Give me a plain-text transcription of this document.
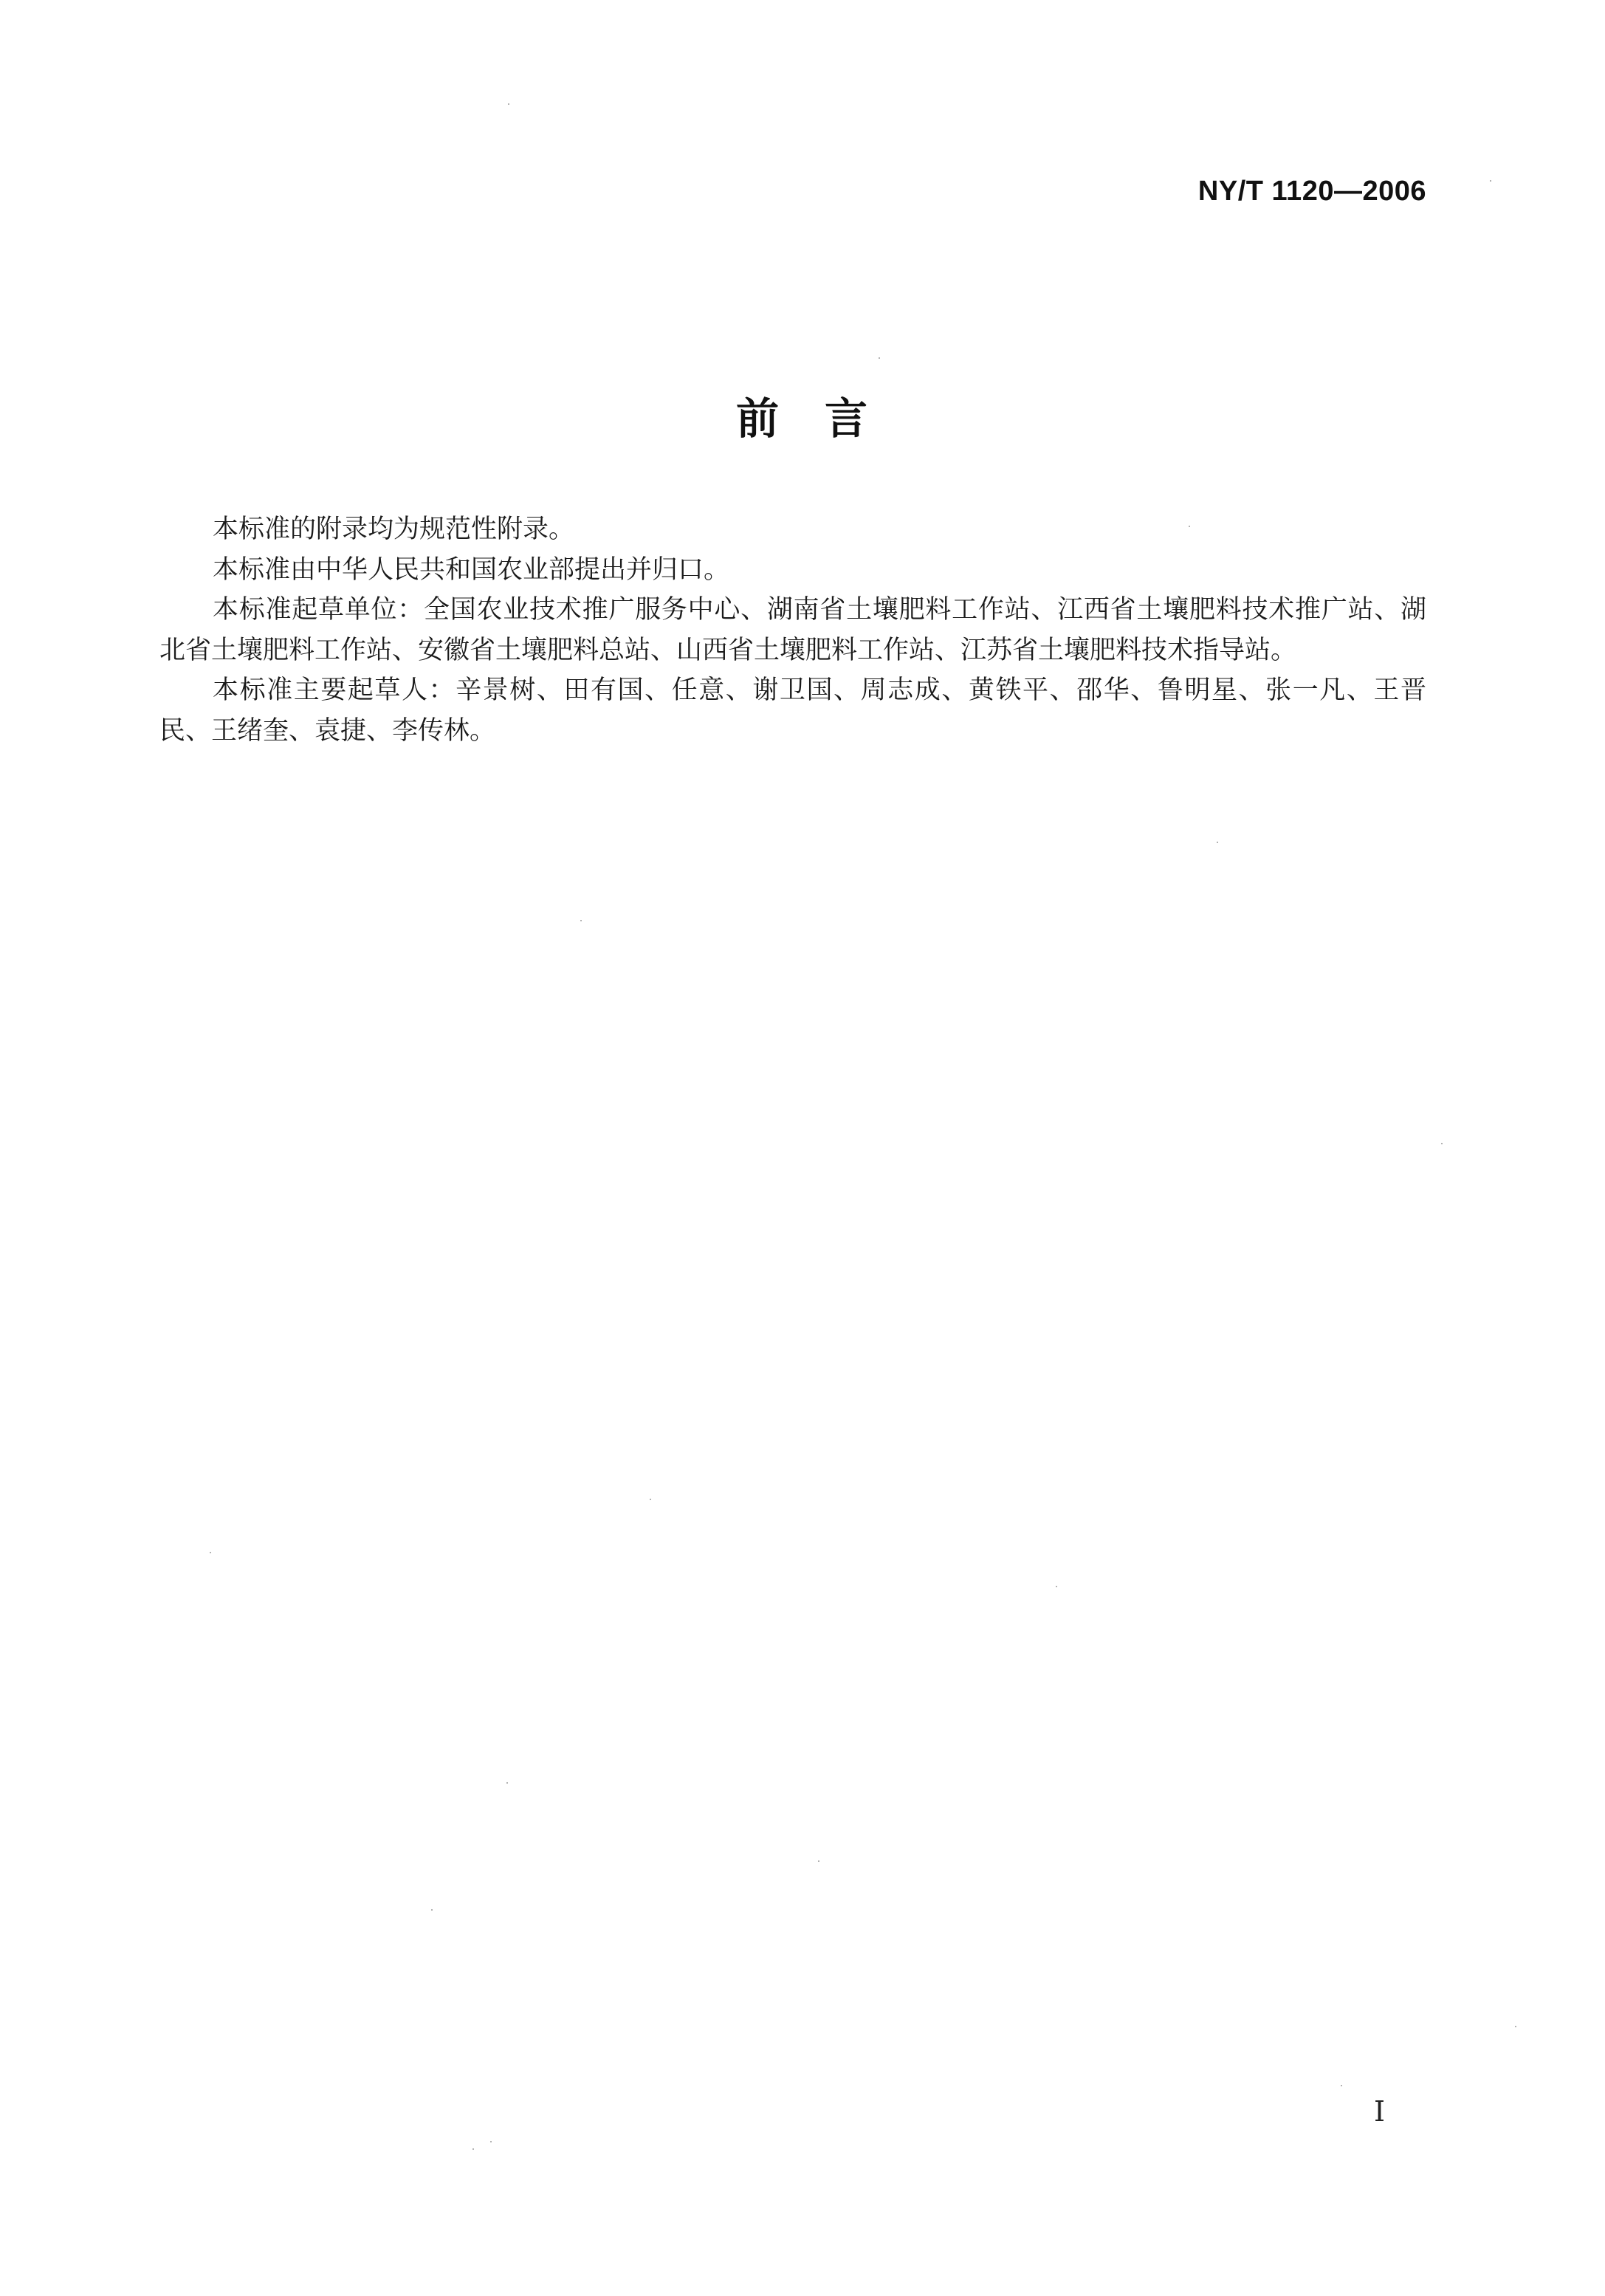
NY/T 1120—2006
前　言

本标准的附录均为规范性附录。

本标准由中华人民共和国农业部提出并归口。

本标准起草单位：全国农业技术推广服务中心、湖南省土壤肥料工作站、江西省土壤肥料技术推广站、湖北省土壤肥料工作站、安徽省土壤肥料总站、山西省土壤肥料工作站、江苏省土壤肥料技术指导站。

本标准主要起草人：辛景树、田有国、任意、谢卫国、周志成、黄铁平、邵华、鲁明星、张一凡、王晋民、王绪奎、袁捷、李传林。

I
